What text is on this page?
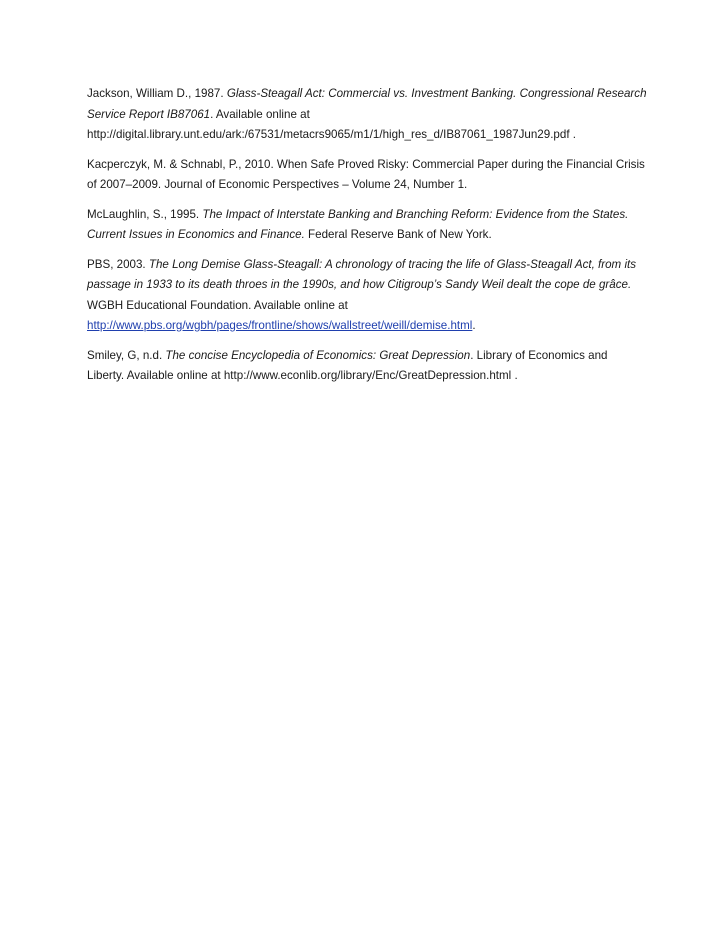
Jackson, William D., 1987. Glass-Steagall Act: Commercial vs. Investment Banking. Congressional Research Service Report IB87061. Available online at http://digital.library.unt.edu/ark:/67531/metacrs9065/m1/1/high_res_d/IB87061_1987Jun29.pdf .

Kacperczyk, M. & Schnabl, P., 2010. When Safe Proved Risky: Commercial Paper during the Financial Crisis of 2007–2009. Journal of Economic Perspectives – Volume 24, Number 1.

McLaughlin, S., 1995. The Impact of Interstate Banking and Branching Reform: Evidence from the States. Current Issues in Economics and Finance. Federal Reserve Bank of New York.

PBS, 2003. The Long Demise Glass-Steagall: A chronology of tracing the life of Glass-Steagall Act, from its passage in 1933 to its death throes in the 1990s, and how Citigroup’s Sandy Weil dealt the cope de grâce. WGBH Educational Foundation. Available online at http://www.pbs.org/wgbh/pages/frontline/shows/wallstreet/weill/demise.html.

Smiley, G, n.d. The concise Encyclopedia of Economics: Great Depression. Library of Economics and Liberty. Available online at http://www.econlib.org/library/Enc/GreatDepression.html .
